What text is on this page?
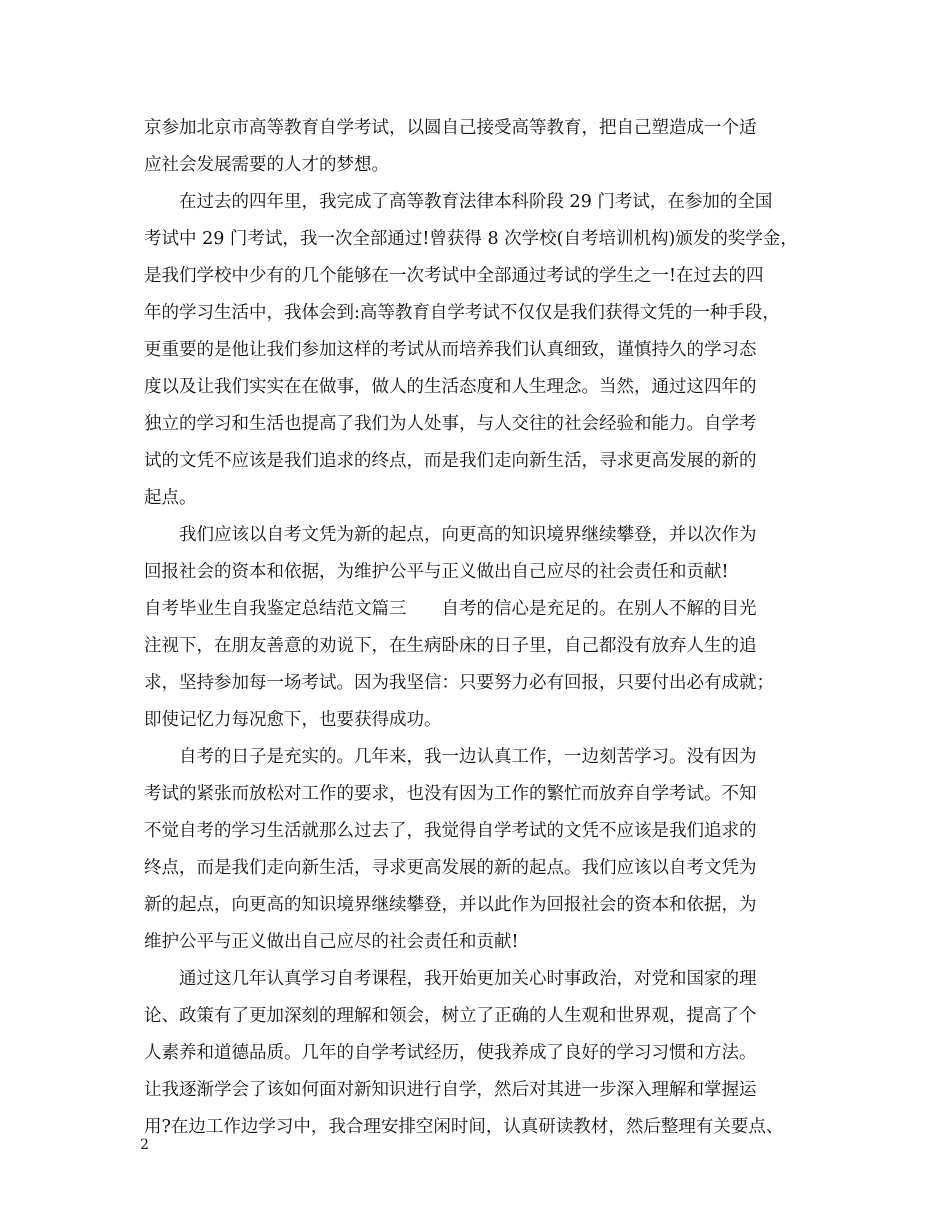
京参加北京市高等教育自学考试，以圆自己接受高等教育，把自己塑造成一个适
应社会发展需要的人才的梦想。
在过去的四年里，我完成了高等教育法律本科阶段 29 门考试，在参加的全国
考试中 29 门考试，我一次全部通过!曾获得 8 次学校(自考培训机构)颁发的奖学金，
是我们学校中少有的几个能够在一次考试中全部通过考试的学生之一!在过去的四
年的学习生活中，我体会到:高等教育自学考试不仅仅是我们获得文凭的一种手段，
更重要的是他让我们参加这样的考试从而培养我们认真细致，谨慎持久的学习态
度以及让我们实实在在做事，做人的生活态度和人生理念。当然，通过这四年的
独立的学习和生活也提高了我们为人处事，与人交往的社会经验和能力。自学考
试的文凭不应该是我们追求的终点，而是我们走向新生活，寻求更高发展的新的
起点。
我们应该以自考文凭为新的起点，向更高的知识境界继续攀登，并以次作为
回报社会的资本和依据，为维护公平与正义做出自己应尽的社会责任和贡献!
自考毕业生自我鉴定总结范文篇三　　自考的信心是充足的。在别人不解的目光
注视下，在朋友善意的劝说下，在生病卧床的日子里，自己都没有放弃人生的追
求，坚持参加每一场考试。因为我坚信：只要努力必有回报，只要付出必有成就；
即使记忆力每况愈下，也要获得成功。
自考的日子是充实的。几年来，我一边认真工作，一边刻苦学习。没有因为
考试的紧张而放松对工作的要求，也没有因为工作的繁忙而放弃自学考试。不知
不觉自考的学习生活就那么过去了，我觉得自学考试的文凭不应该是我们追求的
终点，而是我们走向新生活，寻求更高发展的新的起点。我们应该以自考文凭为
新的起点，向更高的知识境界继续攀登，并以此作为回报社会的资本和依据，为
维护公平与正义做出自己应尽的社会责任和贡献!
通过这几年认真学习自考课程，我开始更加关心时事政治，对党和国家的理
论、政策有了更加深刻的理解和领会，树立了正确的人生观和世界观，提高了个
人素养和道德品质。几年的自学考试经历，使我养成了良好的学习习惯和方法。
让我逐渐学会了该如何面对新知识进行自学，然后对其进一步深入理解和掌握运
用?在边工作边学习中，我合理安排空闲时间，认真研读教材，然后整理有关要点、
2
